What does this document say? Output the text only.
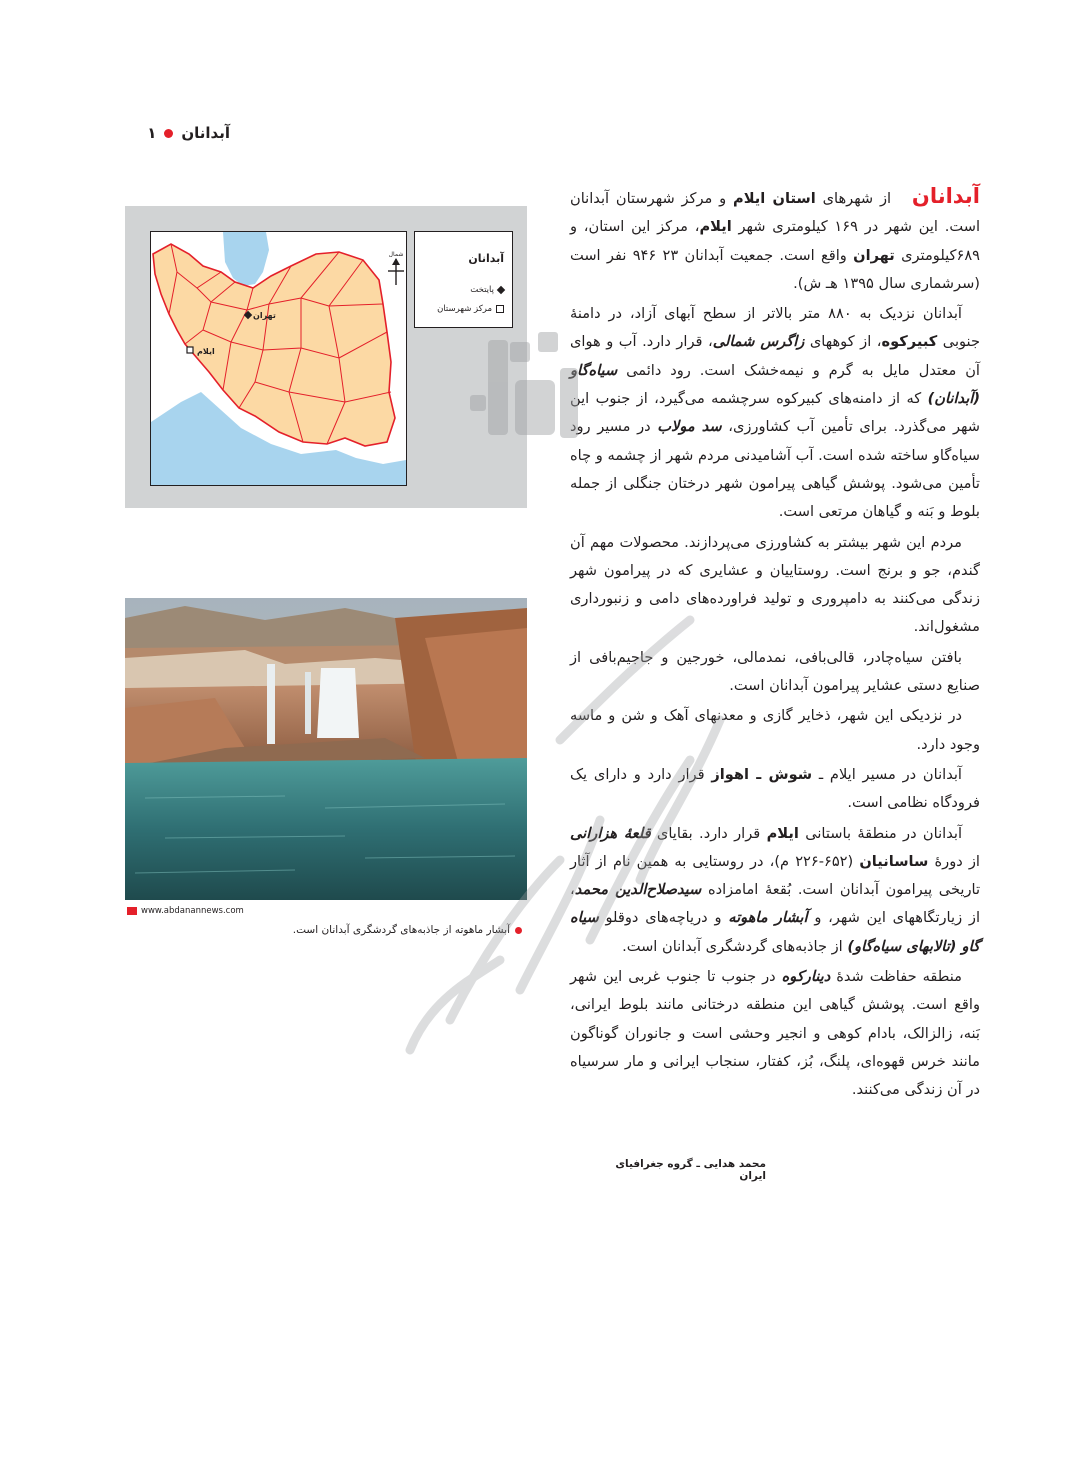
آبدانان
۱
تهران
ایلام
شمال	آبدانان
پایتخت
مرکز شهرستان
www.abdanannews.com
آبشار ماهوته از جاذبه‌های گردشگری آبدانان است.

آبدانان از شهرهای استان ایلام و مرکز شهرستان آبدانان است. این شهر در ۱۶۹ کیلومتری شهر ایلام، مرکز این استان، و ۶۸۹کیلومتری تهران واقع است. جمعیت آبدانان ۲۳ ۹۴۶ نفر است (سرشماری سال ۱۳۹۵ هـ ش).

آبدانان نزدیک به ۸۸۰ متر بالاتر از سطح آبهای آزاد، در دامنهٔ جنوبی کبیرکوه، از کوههای زاگرس شمالی، قرار دارد. آب و هوای آن معتدل مایل به گرم و نیمه‌خشک است. رود دائمی سیاه‌گاو (آبدانان) که از دامنه‌های کبیرکوه سرچشمه می‌گیرد، از جنوب این شهر می‌گذرد. برای تأمین آب کشاورزی، سد مولاب در مسیر رود سیاه‌گاو ساخته شده است. آب آشامیدنی مردم شهر از چشمه و چاه تأمین می‌شود. پوشش گیاهی پیرامون شهر درختان جنگلی از جمله بلوط و بَنه و گیاهان مرتعی است.

مردم این شهر بیشتر به کشاورزی می‌پردازند. محصولات مهم آن گندم، جو و برنج است. روستاییان و عشایری که در پیرامون شهر زندگی می‌کنند به دامپروری و تولید فراورده‌های دامی و زنبورداری مشغول‌اند.

بافتن سیاه‌چادر، قالی‌بافی، نمدمالی، خورجین و جاجیم‌بافی از صنایع دستی عشایر پیرامون آبدانان است.

در نزدیکی این شهر، ذخایر گازی و معدنهای آهک و شن و ماسه وجود دارد.

آبدانان در مسیر ایلام ـ شوش ـ اهواز قرار دارد و دارای یک فرودگاه نظامی است.

آبدانان در منطقهٔ باستانی ایلام قرار دارد. بقایای قلعهٔ هزارانی از دورهٔ ساسانیان (۶۵۲-۲۲۶ م)، در روستایی به همین نام از آثار تاریخی پیرامون آبدانان است. بُقعهٔ امامزاده سیدصلاح‌الدین محمد، از زیارتگاههای این شهر، و آبشار ماهوته و دریاچه‌های دوقلو سیاه گاو (تالابهای سیاه‌گاو) از جاذبه‌های گردشگری آبدانان است.

منطقه حفاظت شدهٔ دینارکوه در جنوب تا جنوب غربی این شهر واقع است. پوشش گیاهی این منطقه درختانی مانند بلوط ایرانی، بَنه، زالزالک، بادام کوهی و انجیر وحشی است و جانوران گوناگون مانند خرس قهوه‌ای، پلنگ، بُز، کفتار، سنجاب ایرانی و مار سرسیاه در آن زندگی می‌کنند.

محمد هدایی ـ گروه جغرافیای ایران
